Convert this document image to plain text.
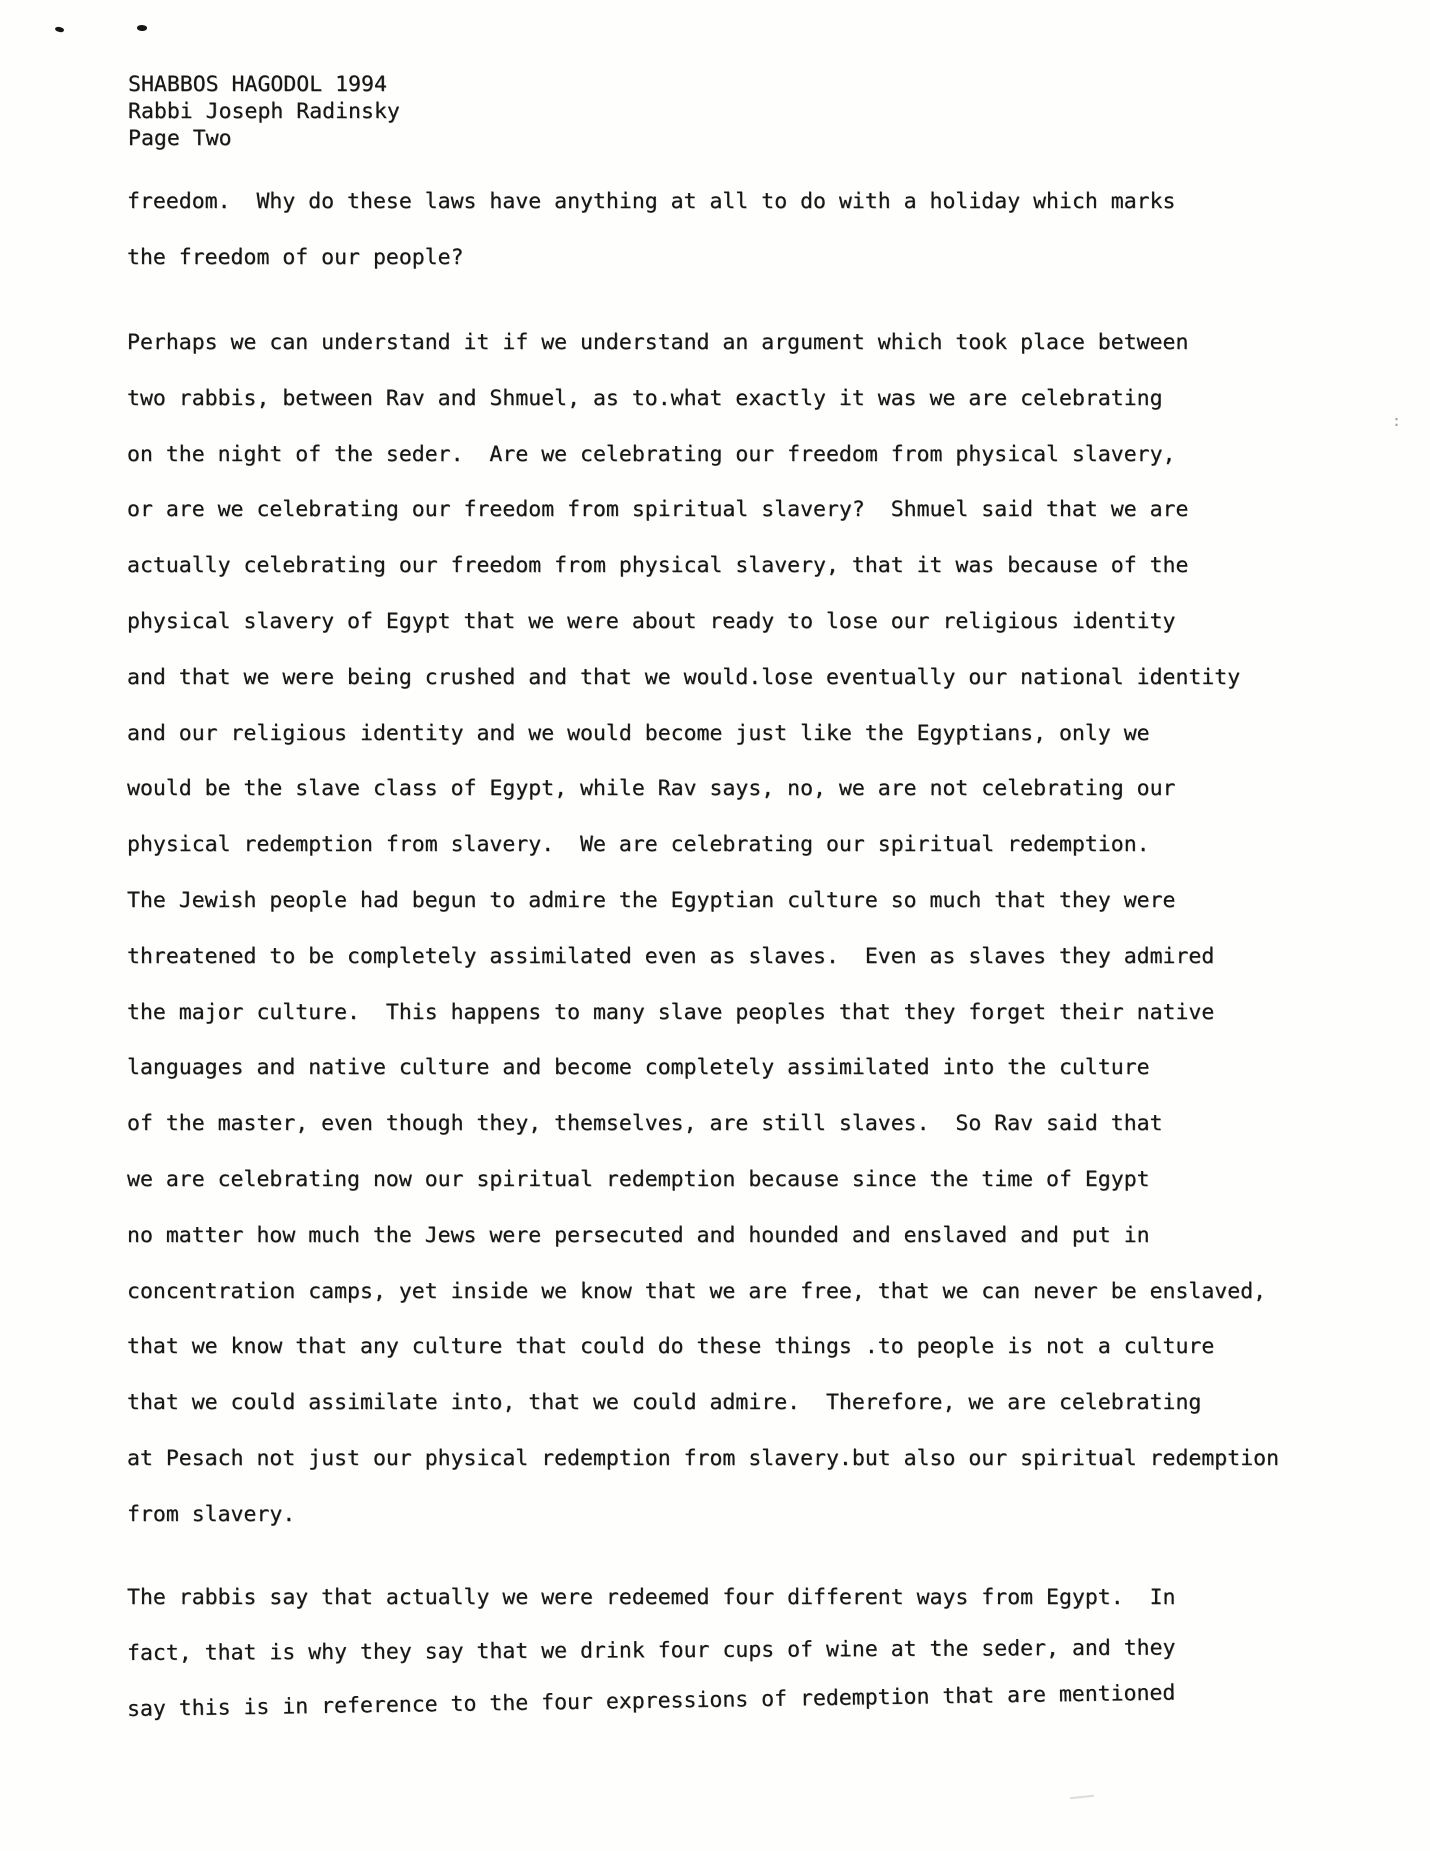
SHABBOS HAGODOL 1994
Rabbi Joseph Radinsky
Page Two
freedom.  Why do these laws have anything at all to do with a holiday which marks
the freedom of our people?
Perhaps we can understand it if we understand an argument which took place between
two rabbis, between Rav and Shmuel, as to.what exactly it was we are celebrating
on the night of the seder.  Are we celebrating our freedom from physical slavery,
or are we celebrating our freedom from spiritual slavery?  Shmuel said that we are
actually celebrating our freedom from physical slavery, that it was because of the
physical slavery of Egypt that we were about ready to lose our religious identity
and that we were being crushed and that we would.lose eventually our national identity
and our religious identity and we would become just like the Egyptians, only we
would be the slave class of Egypt, while Rav says, no, we are not celebrating our
physical redemption from slavery.  We are celebrating our spiritual redemption.
The Jewish people had begun to admire the Egyptian culture so much that they were
threatened to be completely assimilated even as slaves.  Even as slaves they admired
the major culture.  This happens to many slave peoples that they forget their native
languages and native culture and become completely assimilated into the culture
of the master, even though they, themselves, are still slaves.  So Rav said that
we are celebrating now our spiritual redemption because since the time of Egypt
no matter how much the Jews were persecuted and hounded and enslaved and put in
concentration camps, yet inside we know that we are free, that we can never be enslaved,
that we know that any culture that could do these things .to people is not a culture
that we could assimilate into, that we could admire.  Therefore, we are celebrating
at Pesach not just our physical redemption from slavery.but also our spiritual redemption
from slavery.
The rabbis say that actually we were redeemed four different ways from Egypt.  In
fact, that is why they say that we drink four cups of wine at the seder, and they
say this is in reference to the four expressions of redemption that are mentioned
:
